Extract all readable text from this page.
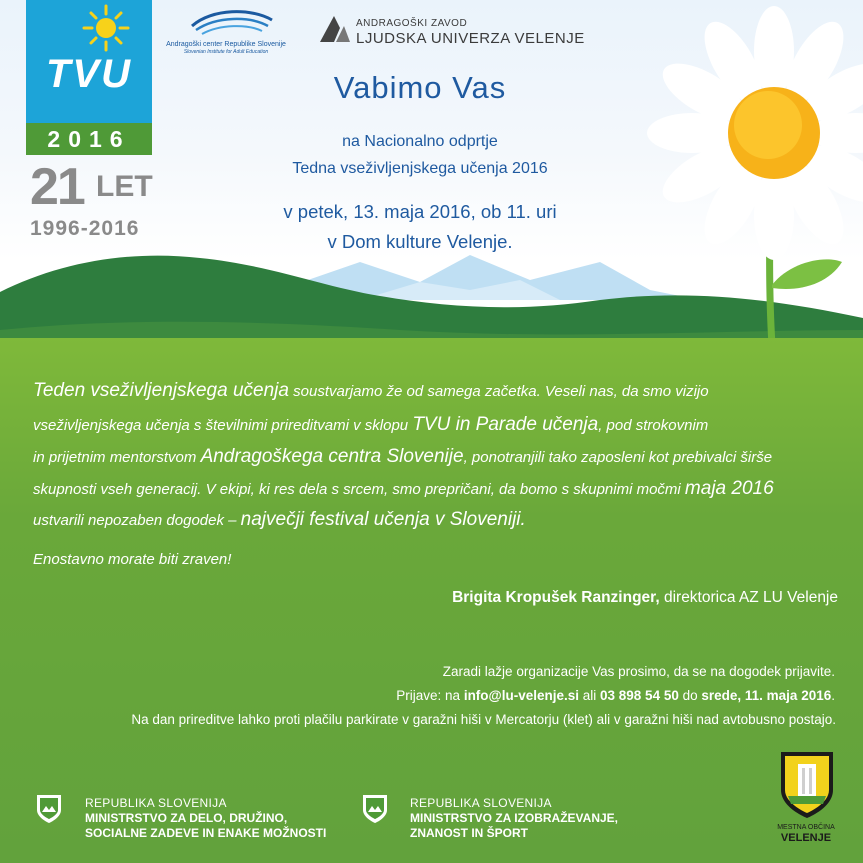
TVU
2016
21 LET
1996-2016
Andragoški center Republike Slovenije
Slovenian Institute for Adult Education
ANDRAGOŠKI ZAVOD
LJUDSKA UNIVERZA VELENJE
Vabimo Vas
na Nacionalno odprtje
Tedna vseživljenjskega učenja 2016
v petek, 13. maja 2016, ob 11. uri
v Dom kulture Velenje.
Teden vseživljenjskega učenja soustvarjamo že od samega začetka. Veseli nas, da smo vizijo
vseživljenjskega učenja s številnimi prireditvami v sklopu TVU in Parade učenja, pod strokovnim
in prijetnim mentorstvom Andragoškega centra Slovenije, ponotranjili tako zaposleni kot prebivalci širše
skupnosti vseh generacij. V ekipi, ki res dela s srcem, smo prepričani, da bomo s skupnimi močmi maja 2016
ustvarili nepozaben dogodek – največji festival učenja v Sloveniji.
Enostavno morate biti zraven!
Brigita Kropušek Ranzinger, direktorica AZ LU Velenje
Zaradi lažje organizacije Vas prosimo, da se na dogodek prijavite.
Prijave: na info@lu-velenje.si ali 03 898 54 50 do srede, 11. maja 2016.
Na dan prireditve lahko proti plačilu parkirate v garažni hiši v Mercatorju (klet) ali v garažni hiši nad avtobusno postajo.
REPUBLIKA SLOVENIJA
MINISTRSTVO ZA DELO, DRUŽINO,
SOCIALNE ZADEVE IN ENAKE MOŽNOSTI
REPUBLIKA SLOVENIJA
MINISTRSTVO ZA IZOBRAŽEVANJE,
ZNANOST IN ŠPORT	MESTNA OBČINA
VELENJE
